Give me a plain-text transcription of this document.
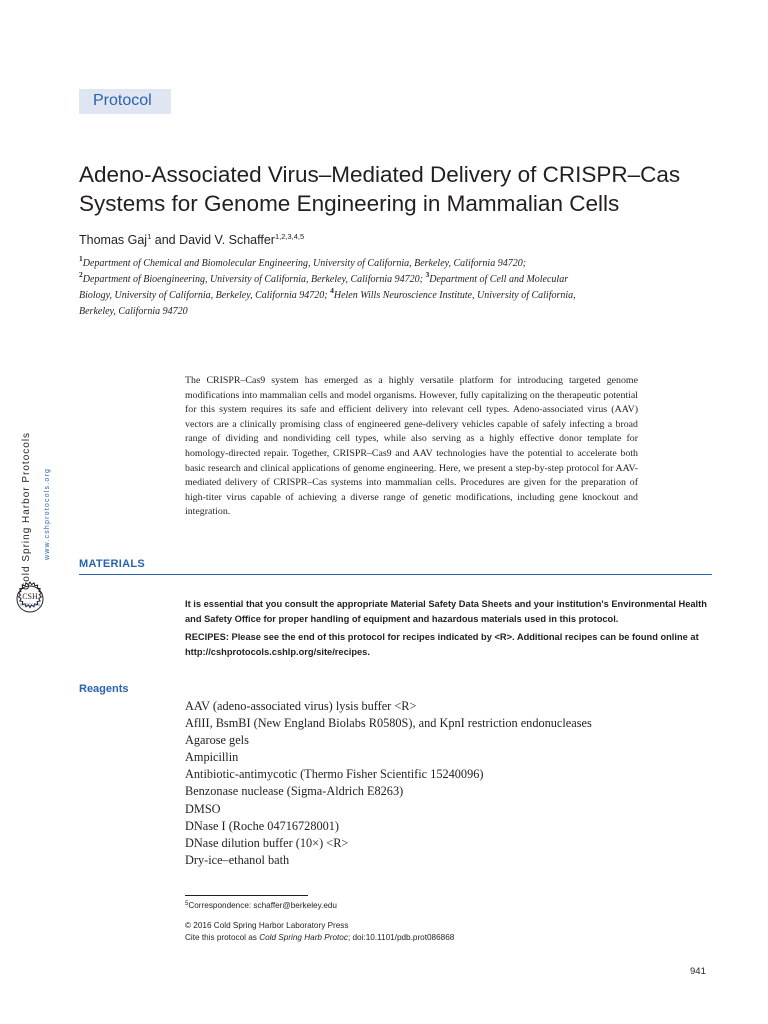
Protocol
Adeno-Associated Virus–Mediated Delivery of CRISPR–Cas
Systems for Genome Engineering in Mammalian Cells
Thomas Gaj$^1$ and David V. Schaffer$^{1,2,3,4,5}$
$^1$Department of Chemical and Biomolecular Engineering, University of California, Berkeley, California 94720;
$^2$Department of Bioengineering, University of California, Berkeley, California 94720; $^3$Department of Cell and Molecular Biology, University of California, Berkeley, California 94720; $^4$Helen Wills Neuroscience Institute, University of California, Berkeley, California 94720
The CRISPR–Cas9 system has emerged as a highly versatile platform for introducing targeted genome modifications into mammalian cells and model organisms. However, fully capitalizing on the therapeutic potential for this system requires its safe and efficient delivery into relevant cell types. Adeno-associated virus (AAV) vectors are a clinically promising class of engineered gene-delivery vehicles capable of safely infecting a broad range of dividing and nondividing cell types, while also serving as a highly effective donor template for homology-directed repair. Together, CRISPR–Cas9 and AAV technologies have the potential to accelerate both basic research and clinical applications of genome engineering. Here, we present a step-by-step protocol for AAV-mediated delivery of CRISPR–Cas systems into mammalian cells. Procedures are given for the preparation of high-titer virus capable of achieving a diverse range of genetic modifications, including gene knockout and integration.
Cold Spring Harbor Protocols www.cshprotocols.org
CSH
PROTOCOLS
MATERIALS
It is essential that you consult the appropriate Material Safety Data Sheets and your institution's Environmental Health and Safety Office for proper handling of equipment and hazardous materials used in this protocol.
RECIPES: Please see the end of this protocol for recipes indicated by <R>. Additional recipes can be found online at http://cshprotocols.cshlp.org/site/recipes.
Reagents
AAV (adeno-associated virus) lysis buffer <R>
AflII, BsmBI (New England Biolabs R0580S), and KpnI restriction endonucleases
Agarose gels
Ampicillin
Antibiotic-antimycotic (Thermo Fisher Scientific 15240096)
Benzonase nuclease (Sigma-Aldrich E8263)
DMSO
DNase I (Roche 04716728001)
DNase dilution buffer (10×) <R>
Dry-ice–ethanol bath
$^5$Correspondence: schaffer@berkeley.edu
© 2016 Cold Spring Harbor Laboratory Press
Cite this protocol as Cold Spring Harb Protoc; doi:10.1101/pdb.prot086868
941
